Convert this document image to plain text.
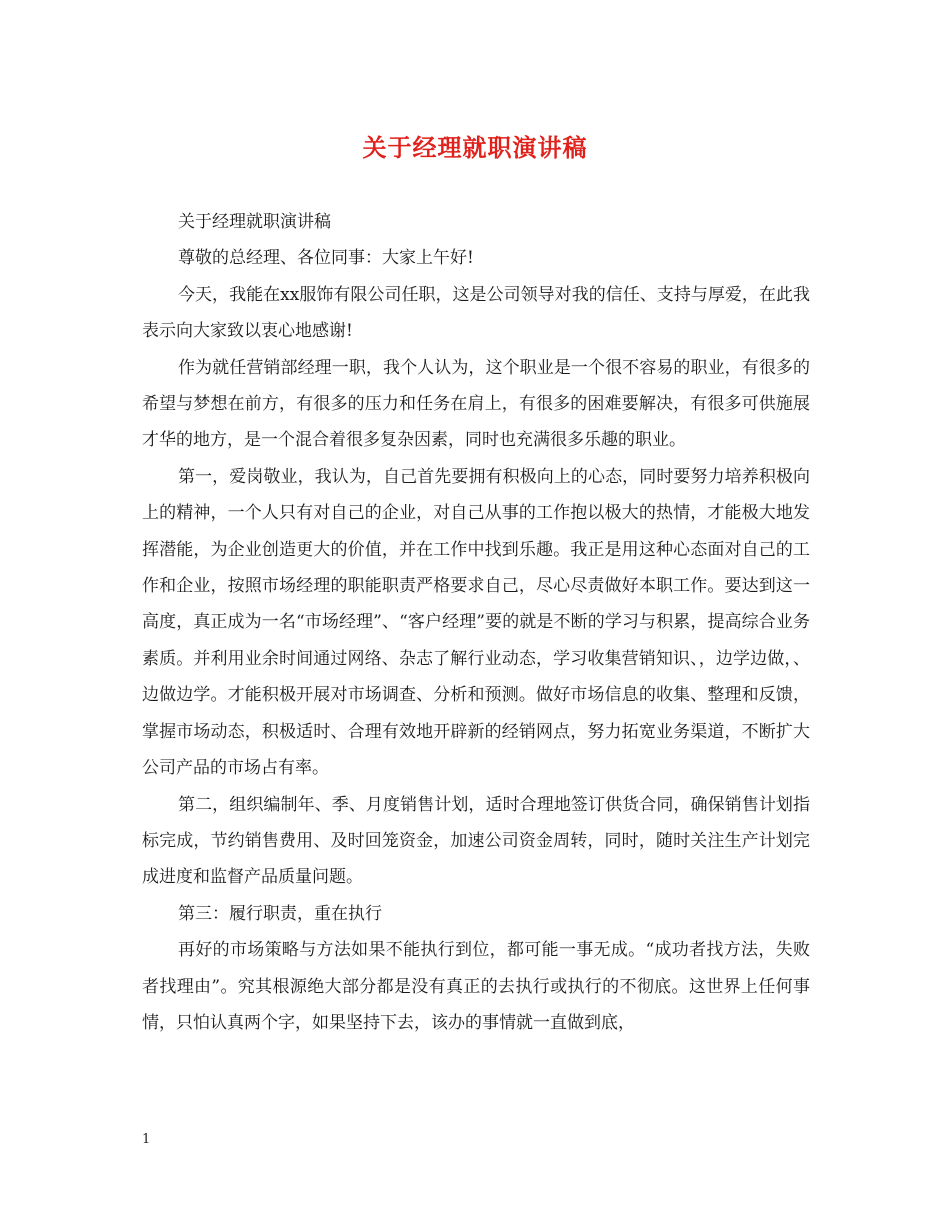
关于经理就职演讲稿

关于经理就职演讲稿

尊敬的总经理、各位同事：大家上午好!

今天，我能在xx服饰有限公司任职，这是公司领导对我的信任、支持与厚爱，在此我表示向大家致以衷心地感谢!

作为就任营销部经理一职，我个人认为，这个职业是一个很不容易的职业，有很多的希望与梦想在前方，有很多的压力和任务在肩上，有很多的困难要解决，有很多可供施展才华的地方，是一个混合着很多复杂因素，同时也充满很多乐趣的职业。

第一，爱岗敬业，我认为，自己首先要拥有积极向上的心态，同时要努力培养积极向上的精神，一个人只有对自己的企业，对自己从事的工作抱以极大的热情，才能极大地发挥潜能，为企业创造更大的价值，并在工作中找到乐趣。我正是用这种心态面对自己的工作和企业，按照市场经理的职能职责严格要求自己，尽心尽责做好本职工作。要达到这一高度，真正成为一名“市场经理”、“客户经理”要的就是不断的学习与积累，提高综合业务素质。并利用业余时间通过网络、杂志了解行业动态，学习收集营销知识、，边学边做，、边做边学。才能积极开展对市场调查、分析和预测。做好市场信息的收集、整理和反馈，掌握市场动态，积极适时、合理有效地开辟新的经销网点，努力拓宽业务渠道，不断扩大公司产品的市场占有率。

第二，组织编制年、季、月度销售计划，适时合理地签订供货合同，确保销售计划指标完成，节约销售费用、及时回笼资金，加速公司资金周转，同时，随时关注生产计划完成进度和监督产品质量问题。

第三：履行职责，重在执行

再好的市场策略与方法如果不能执行到位，都可能一事无成。“成功者找方法，失败者找理由”。究其根源绝大部分都是没有真正的去执行或执行的不彻底。这世界上任何事情，只怕认真两个字，如果坚持下去，该办的事情就一直做到底，

1
